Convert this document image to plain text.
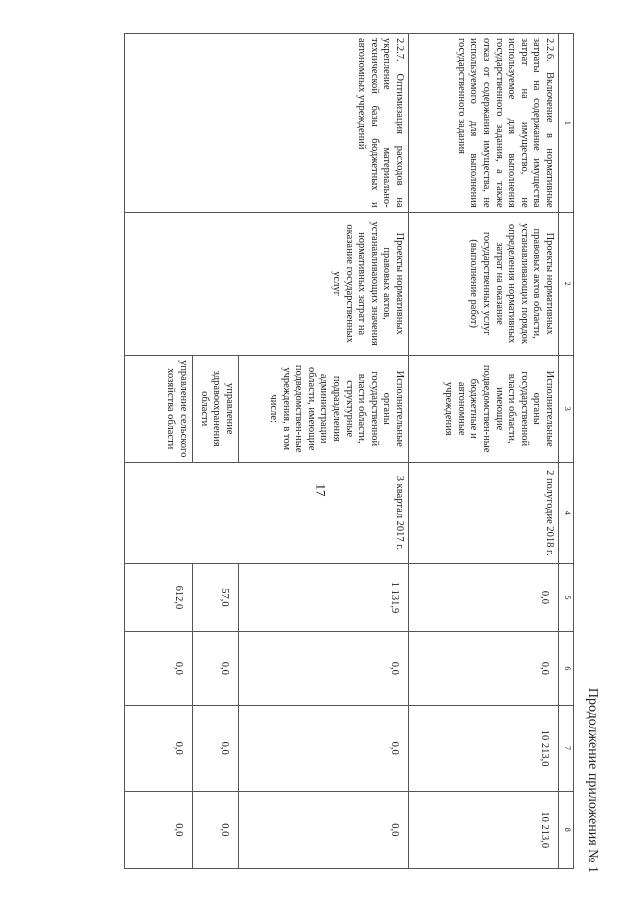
17
Продолжение приложения № 1
1	2	3	4	5	6	7	8
2.2.6. Включение в нормативные затраты на содержание имущества затрат на имущество, не используемое для выполнения государственного задания, а также отказ от содержания имущества, не используемого для выполнения государственного задания	Проекты нормативных правовых актов области, устанавливающих порядок определения нормативных затрат на оказание государственных услуг (выполнение работ)	Исполнительные органы государственной власти области, имеющие подведомствен-ные бюджетные и автономные учреждения	2 полугодие 2018 г.	0,0	0,0	10 213,0	10 213,0
2.2.7. Оптимизация расходов на укрепление материально-технической базы бюджетных и автономных учреждений	Проекты нормативных правовых актов, устанавливающих значения нормативных затрат на оказание государственных услуг	Исполнительные органы государственной власти области, структурные подразделения администрации области, имеющие подведомствен-ные учреждения, в том числе:	3 квартал 2017 г.	1 131,9	0,0	0,0	0,0
		управление здравоохранения области		57,0	0,0	0,0	0,0
		управление сельского хозяйства области		612,0	0,0	0,0	0,0
